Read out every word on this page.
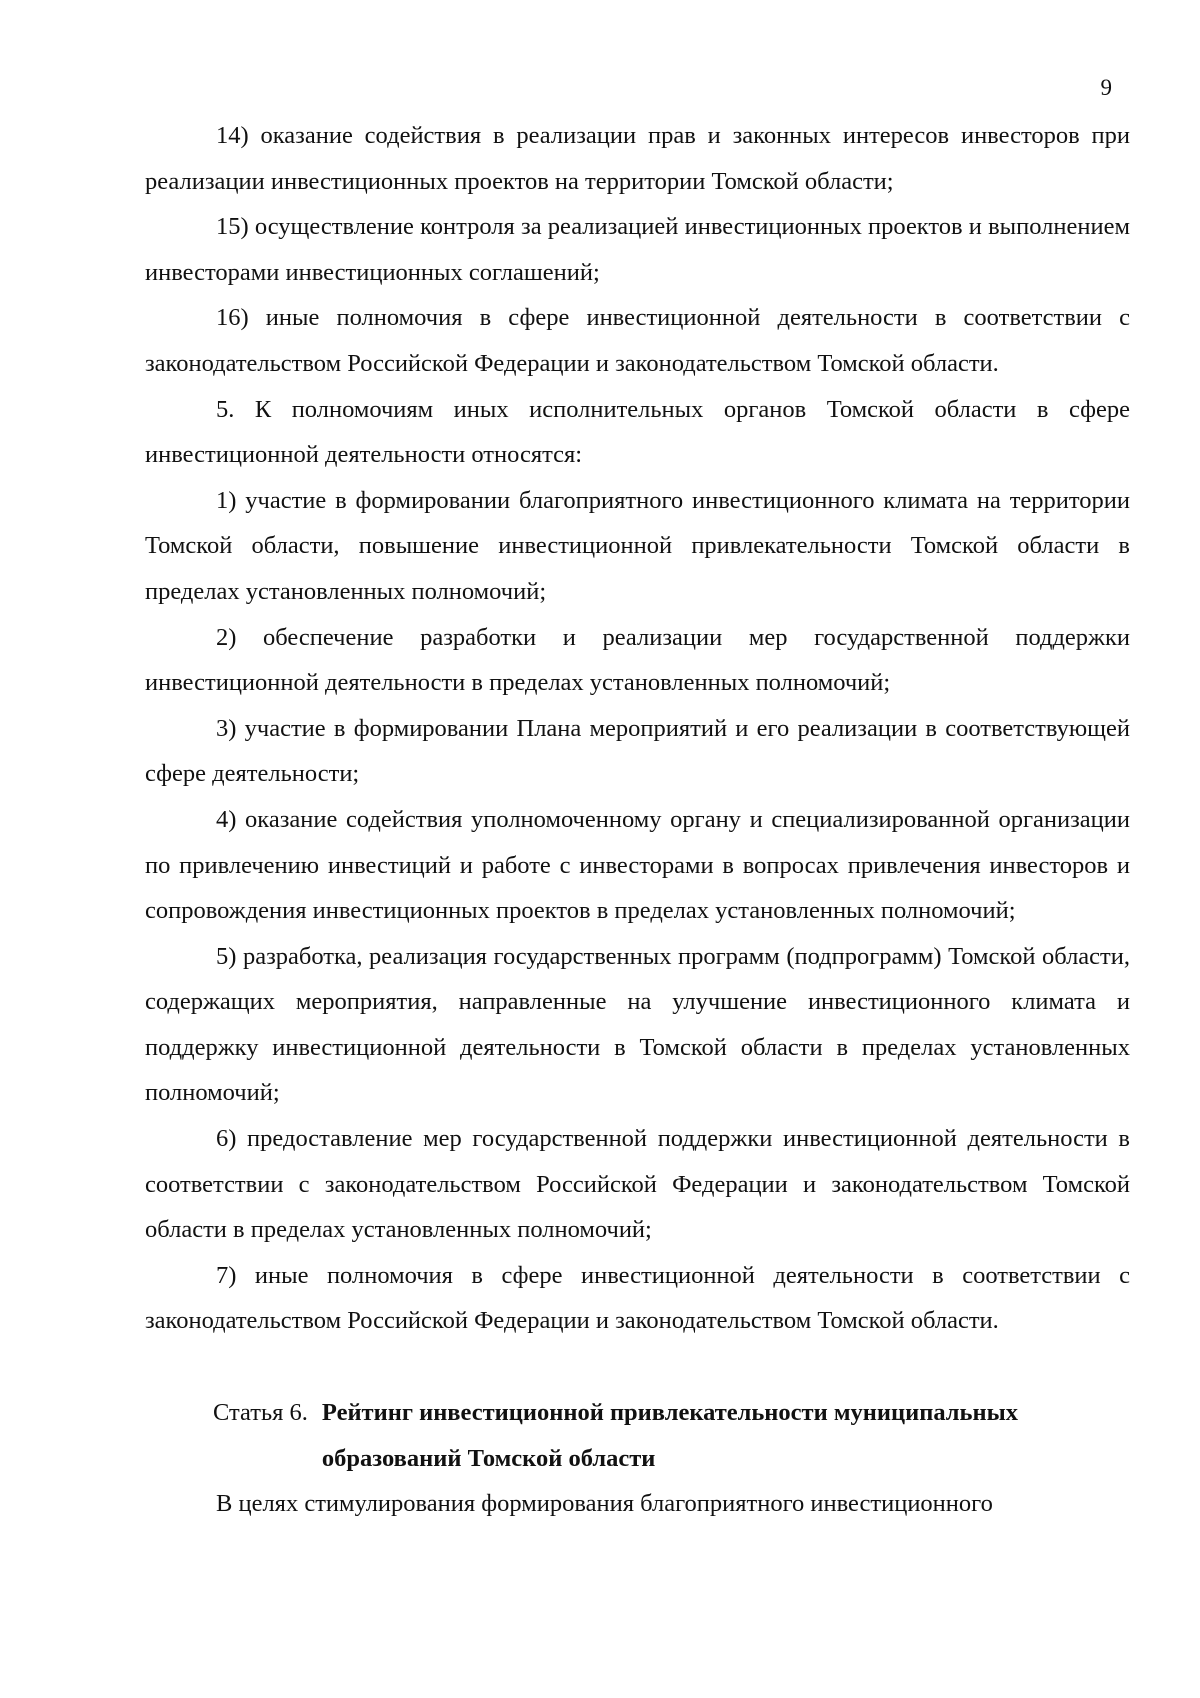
9

14) оказание содействия в реализации прав и законных интересов инвесторов при реализации инвестиционных проектов на территории Томской области;

15) осуществление контроля за реализацией инвестиционных проектов и выполнением инвесторами инвестиционных соглашений;

16) иные полномочия в сфере инвестиционной деятельности в соответствии с законодательством Российской Федерации и законодательством Томской области.

5. К полномочиям иных исполнительных органов Томской области в сфере инвестиционной деятельности относятся:

1) участие в формировании благоприятного инвестиционного климата на территории Томской области, повышение инвестиционной привлекательности Томской области в пределах установленных полномочий;

2) обеспечение разработки и реализации мер государственной поддержки инвестиционной деятельности в пределах установленных полномочий;

3) участие в формировании Плана мероприятий и его реализации в соответствующей сфере деятельности;

4) оказание содействия уполномоченному органу и специализированной организации по привлечению инвестиций и работе с инвесторами в вопросах привлечения инвесторов и сопровождения инвестиционных проектов в пределах установленных полномочий;

5) разработка, реализация государственных программ (подпрограмм) Томской области, содержащих мероприятия, направленные на улучшение инвестиционного климата и поддержку инвестиционной деятельности в Томской области в пределах установленных полномочий;

6) предоставление мер государственной поддержки инвестиционной деятельности в соответствии с законодательством Российской Федерации и законодательством Томской области в пределах установленных полномочий;

7) иные полномочия в сфере инвестиционной деятельности в соответствии с законодательством Российской Федерации и законодательством Томской области.

Статья 6. Рейтинг инвестиционной привлекательности муниципальных образований Томской области

В целях стимулирования формирования благоприятного инвестиционного
